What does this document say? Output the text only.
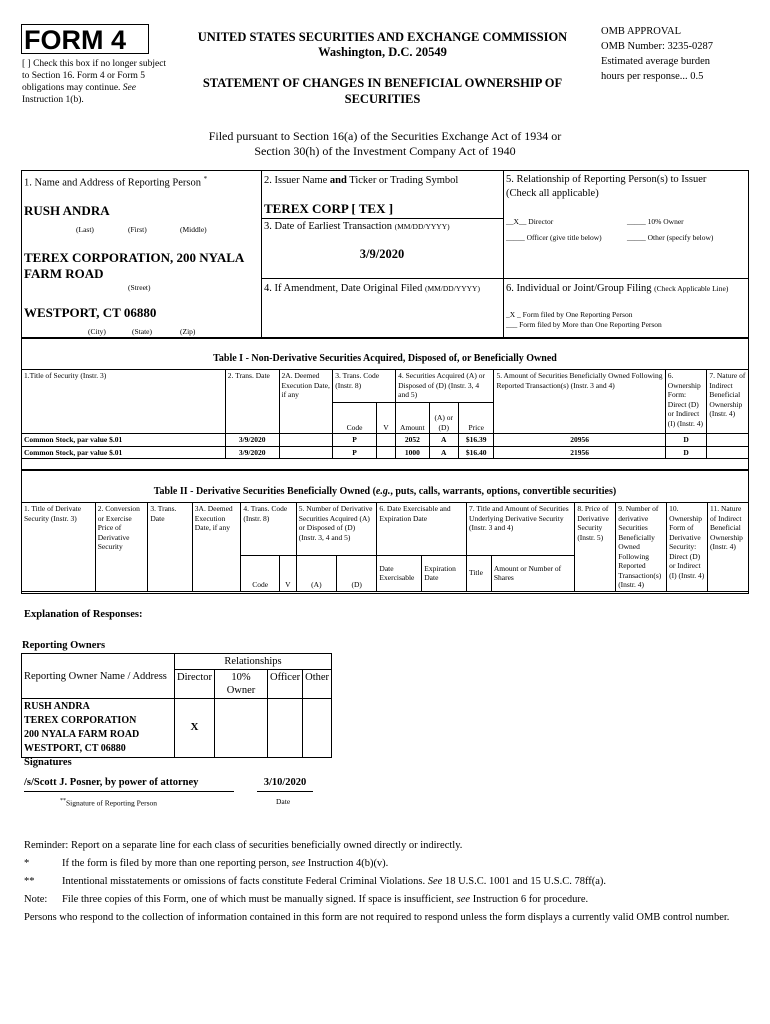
FORM 4
[ ] Check this box if no longer subject to Section 16. Form 4 or Form 5 obligations may continue. See Instruction 1(b).
UNITED STATES SECURITIES AND EXCHANGE COMMISSION
Washington, D.C. 20549
STATEMENT OF CHANGES IN BENEFICIAL OWNERSHIP OF
SECURITIES
OMB APPROVAL
OMB Number: 3235-0287
Estimated average burden
hours per response... 0.5
Filed pursuant to Section 16(a) of the Securities Exchange Act of 1934 or
Section 30(h) of the Investment Company Act of 1940
1. Name and Address of Reporting Person *
RUSH ANDRA
(Last)	(First)	(Middle)
TEREX CORPORATION, 200 NYALA
FARM ROAD
(Street)
WESTPORT, CT 06880
(City)	(State)	(Zip)
2. Issuer Name and Ticker or Trading Symbol
TEREX CORP [ TEX ]
3. Date of Earliest Transaction (MM/DD/YYYY)
3/9/2020
4. If Amendment, Date Original Filed (MM/DD/YYYY)
5. Relationship of Reporting Person(s) to Issuer
(Check all applicable)
__X__ Director	_____ 10% Owner
_____ Officer (give title below)	_____ Other (specify below)
6. Individual or Joint/Group Filing (Check Applicable Line)
_X _ Form filed by One Reporting Person
___ Form filed by More than One Reporting Person
Table I - Non-Derivative Securities Acquired, Disposed of, or Beneficially Owned
1.Title of Security (Instr. 3)	2. Trans. Date	2A. Deemed Execution Date, if any	3. Trans. Code (Instr. 8)		4. Securities Acquired (A) or Disposed of (D) (Instr. 3, 4 and 5)			5. Amount of Securities Beneficially Owned Following Reported Transaction(s) (Instr. 3 and 4)	6. Ownership Form: Direct (D) or Indirect (I) (Instr. 4)	7. Nature of Indirect Beneficial Ownership (Instr. 4)
			Code	V	Amount	(A) or (D)	Price			
Common Stock, par value $.01	3/9/2020		P		2052	A	$16.39	20956	D	
Common Stock, par value $.01	3/9/2020		P		1000	A	$16.40	21956	D	
Table II - Derivative Securities Beneficially Owned (e.g., puts, calls, warrants, options, convertible securities)
1. Title of Derivate Security (Instr. 3)	2. Conversion or Exercise Price of Derivative Security	3. Trans. Date	3A. Deemed Execution Date, if any	4. Trans. Code (Instr. 8)		5. Number of Derivative Securities Acquired (A) or Disposed of (D) (Instr. 3, 4 and 5)		6. Date Exercisable and Expiration Date		7. Title and Amount of Securities Underlying Derivative Security (Instr. 3 and 4)		8. Price of Derivative Security (Instr. 5)	9. Number of derivative Securities Beneficially Owned Following Reported Transaction(s) (Instr. 4)	10. Ownership Form of Derivative Security: Direct (D) or Indirect (I) (Instr. 4)	11. Nature of Indirect Beneficial Ownership (Instr. 4)
				Code	V	(A)	(D)	Date Exercisable	Expiration Date	Title	Amount or Number of Shares				
Explanation of Responses:
Reporting Owners
Reporting Owner Name / Address	Relationships			
	Director	10% Owner	Officer	Other

RUSH ANDRA
TEREX CORPORATION
200 NYALA FARM ROAD
WESTPORT, CT 06880	X			
Signatures
/s/Scott J. Posner, by power of attorney	3/10/2020
**Signature of Reporting Person	Date
Reminder: Report on a separate line for each class of securities beneficially owned directly or indirectly.
*	If the form is filed by more than one reporting person, see Instruction 4(b)(v).
**	Intentional misstatements or omissions of facts constitute Federal Criminal Violations. See 18 U.S.C. 1001 and 15 U.S.C. 78ff(a).
Note:	File three copies of this Form, one of which must be manually signed. If space is insufficient, see Instruction 6 for procedure.
Persons who respond to the collection of information contained in this form are not required to respond unless the form displays a currently valid OMB control number.
